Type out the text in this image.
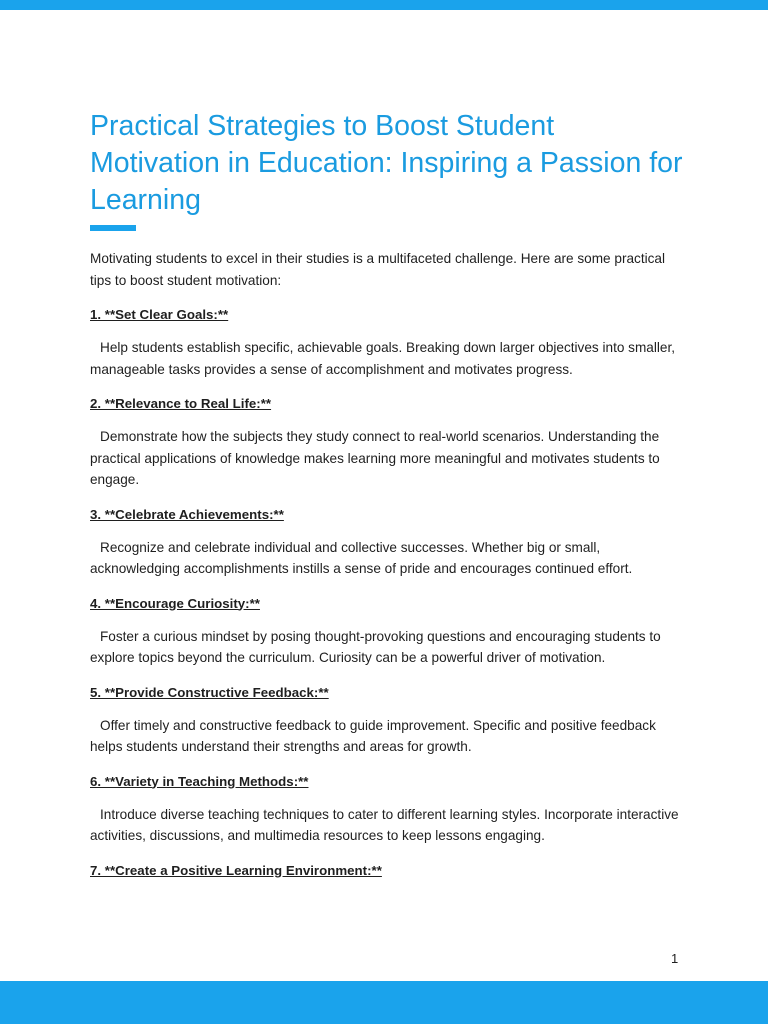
Practical Strategies to Boost Student Motivation in Education: Inspiring a Passion for Learning

Motivating students to excel in their studies is a multifaceted challenge. Here are some practical tips to boost student motivation:

1. **Set Clear Goals:**

Help students establish specific, achievable goals. Breaking down larger objectives into smaller, manageable tasks provides a sense of accomplishment and motivates progress.

2. **Relevance to Real Life:**

Demonstrate how the subjects they study connect to real-world scenarios. Understanding the practical applications of knowledge makes learning more meaningful and motivates students to engage.

3. **Celebrate Achievements:**

Recognize and celebrate individual and collective successes. Whether big or small, acknowledging accomplishments instills a sense of pride and encourages continued effort.

4. **Encourage Curiosity:**

Foster a curious mindset by posing thought-provoking questions and encouraging students to explore topics beyond the curriculum. Curiosity can be a powerful driver of motivation.

5. **Provide Constructive Feedback:**

Offer timely and constructive feedback to guide improvement. Specific and positive feedback helps students understand their strengths and areas for growth.

6. **Variety in Teaching Methods:**

Introduce diverse teaching techniques to cater to different learning styles. Incorporate interactive activities, discussions, and multimedia resources to keep lessons engaging.

7. **Create a Positive Learning Environment:**
1
